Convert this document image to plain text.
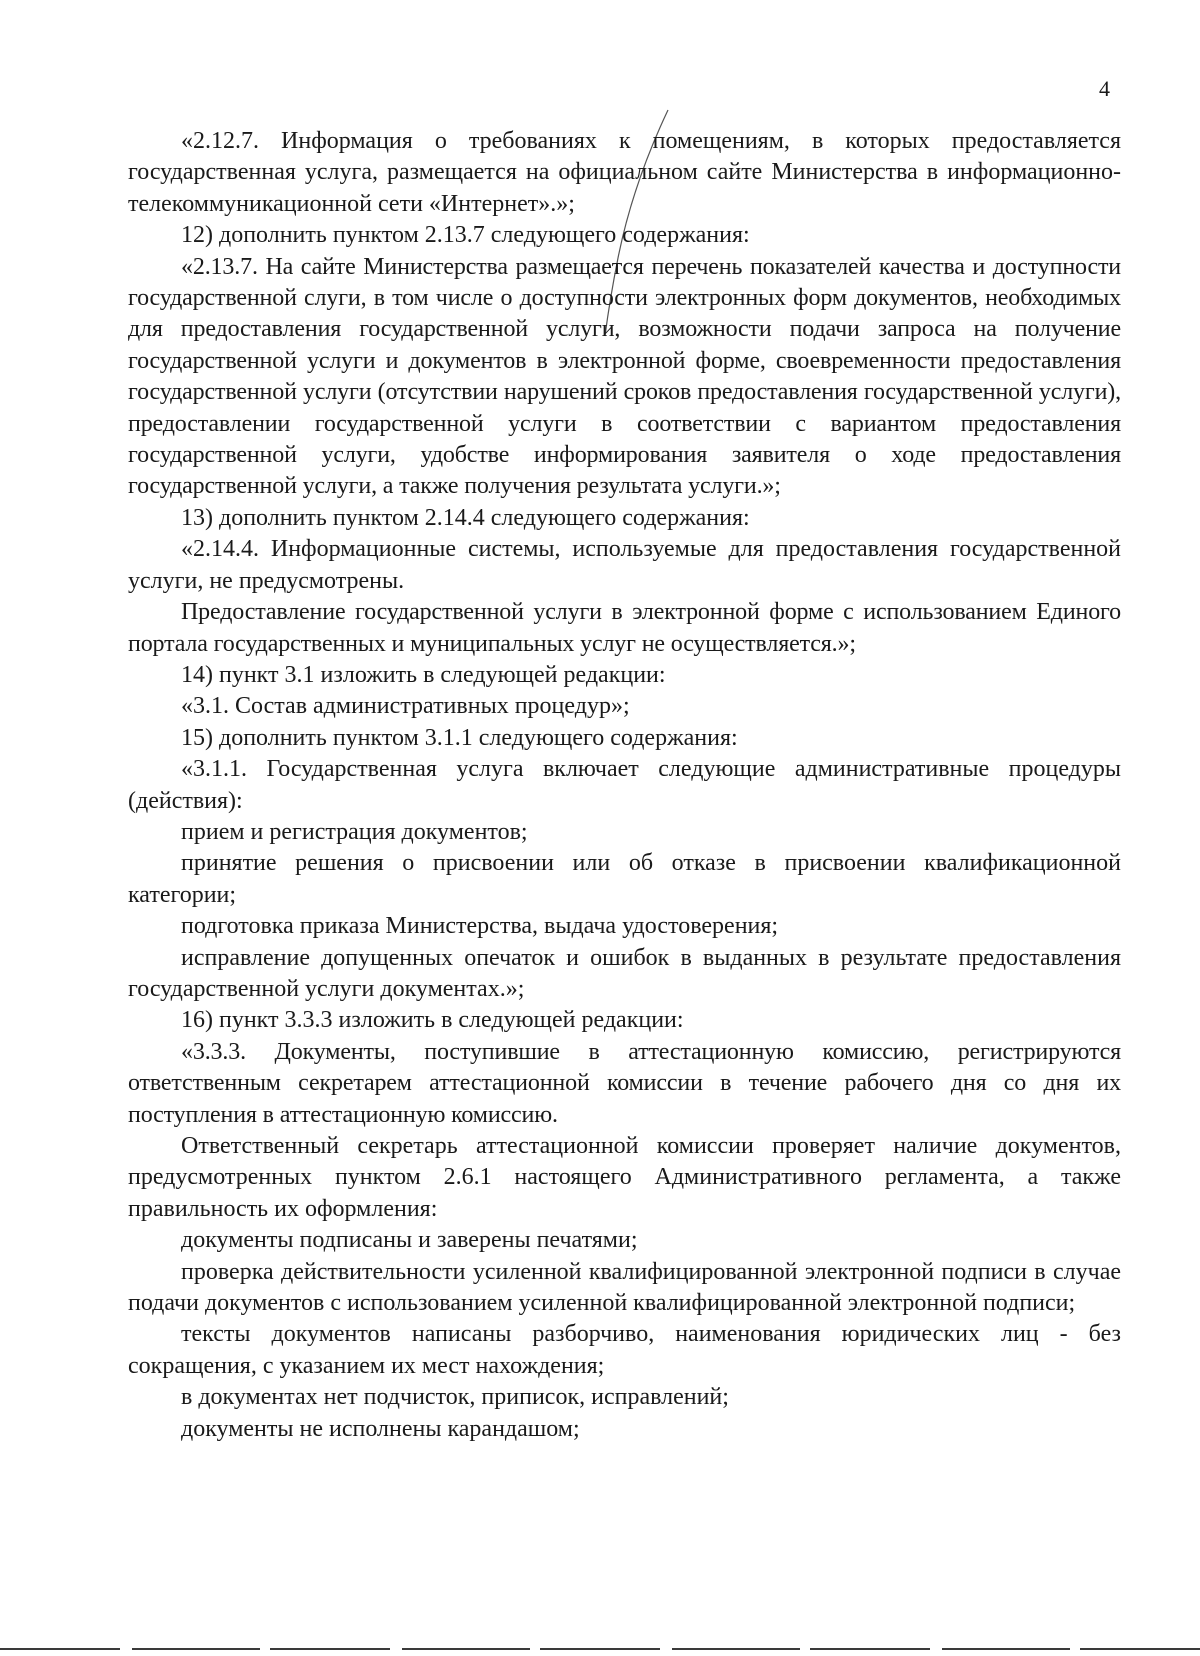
4

«2.12.7. Информация о требованиях к помещениям, в которых предоставляется государственная услуга, размещается на официальном сайте Министерства в информационно-телекоммуникационной сети «Интернет».»;

12) дополнить пунктом 2.13.7 следующего содержания:

«2.13.7. На сайте Министерства размещается перечень показателей качества и доступности государственной слуги, в том числе о доступности электронных форм документов, необходимых для предоставления государственной услуги, возможности подачи запроса на получение государственной услуги и документов в электронной форме, своевременности предоставления государственной услуги (отсутствии нарушений сроков предоставления государственной услуги), предоставлении государственной услуги в соответствии с вариантом предоставления государственной услуги, удобстве информирования заявителя о ходе предоставления государственной услуги, а также получения результата услуги.»;

13) дополнить пунктом 2.14.4 следующего содержания:

«2.14.4. Информационные системы, используемые для предоставления государственной услуги, не предусмотрены.

Предоставление государственной услуги в электронной форме с использованием Единого портала государственных и муниципальных услуг не осуществляется.»;

14) пункт 3.1 изложить в следующей редакции:

«3.1. Состав административных процедур»;

15) дополнить пунктом 3.1.1 следующего содержания:

«3.1.1. Государственная услуга включает следующие административные процедуры (действия):

прием и регистрация документов;

принятие решения о присвоении или об отказе в присвоении квалификационной категории;

подготовка приказа Министерства, выдача удостоверения;

исправление допущенных опечаток и ошибок в выданных в результате предоставления государственной услуги документах.»;

16) пункт 3.3.3 изложить в следующей редакции:

«3.3.3. Документы, поступившие в аттестационную комиссию, регистрируются ответственным секретарем аттестационной комиссии в течение рабочего дня со дня их поступления в аттестационную комиссию.

Ответственный секретарь аттестационной комиссии проверяет наличие документов, предусмотренных пунктом 2.6.1 настоящего Административного регламента, а также правильность их оформления:

документы подписаны и заверены печатями;

проверка действительности усиленной квалифицированной электронной подписи в случае подачи документов с использованием усиленной квалифицированной электронной подписи;

тексты документов написаны разборчиво, наименования юридических лиц - без сокращения, с указанием их мест нахождения;

в документах нет подчисток, приписок, исправлений;

документы не исполнены карандашом;
